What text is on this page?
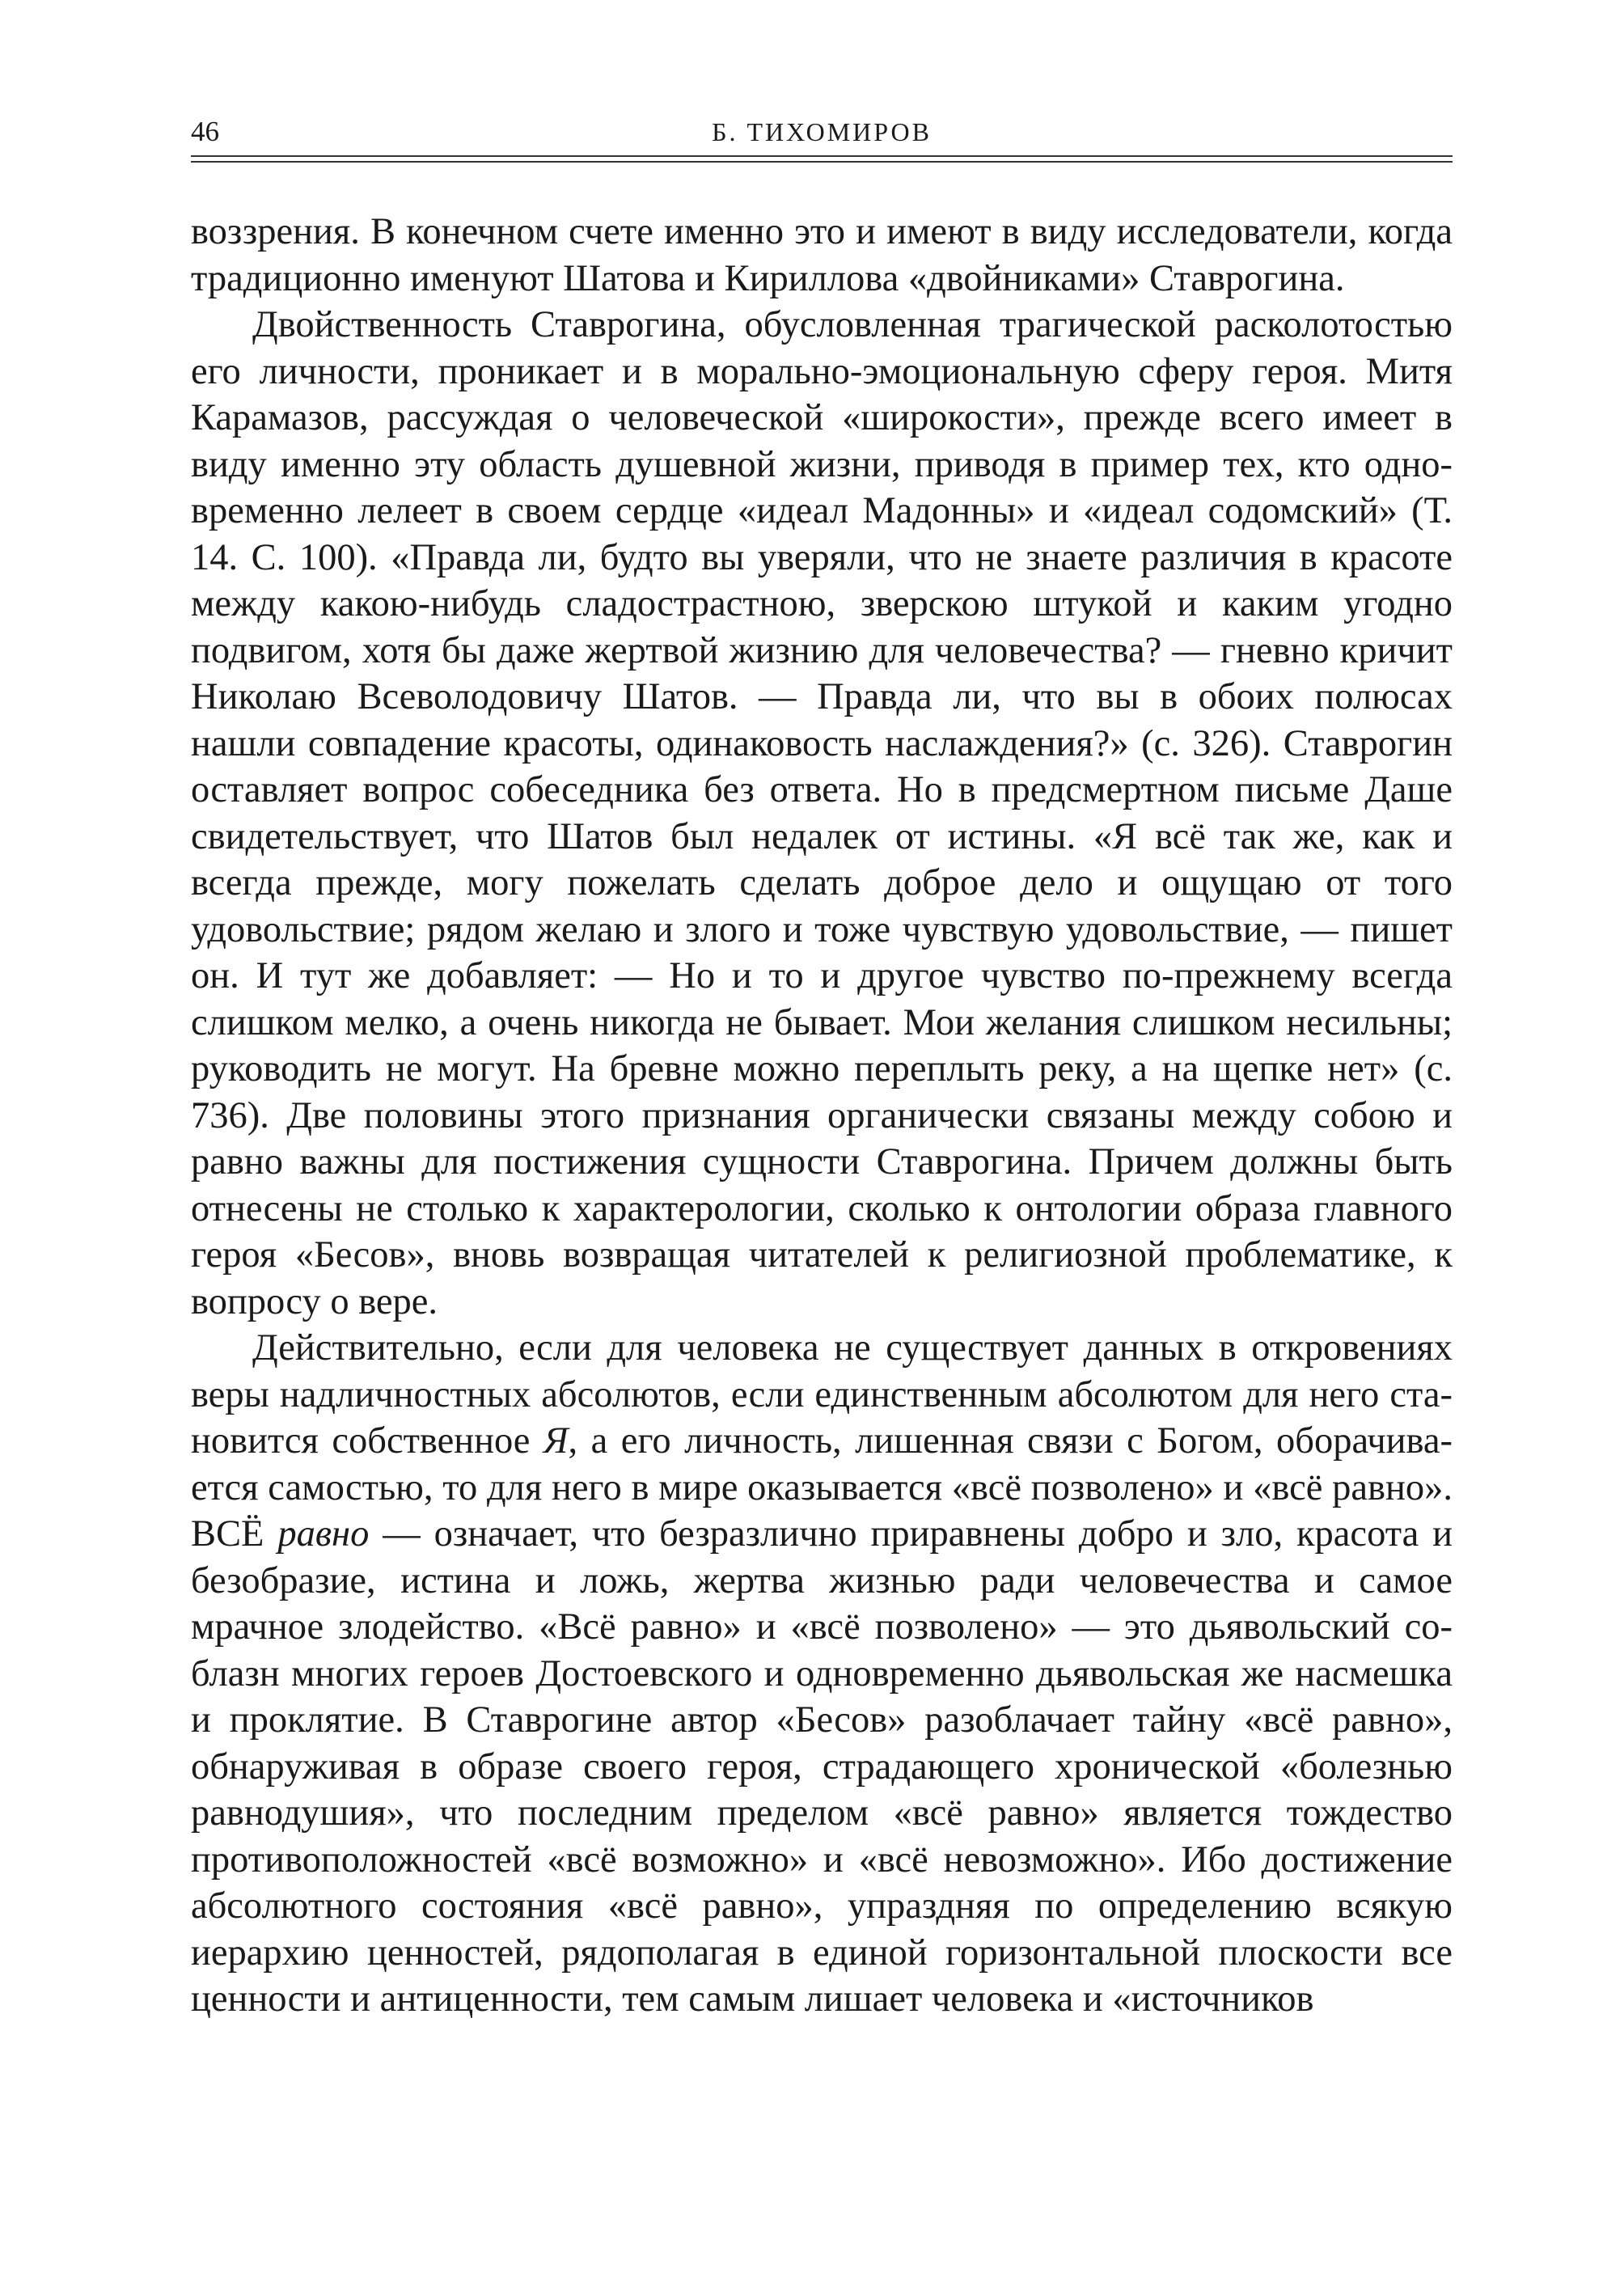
46	Б. ТИХОМИРОВ

воззрения. В конечном счете именно это и имеют в виду исследователи, когда традиционно именуют Шатова и Кириллова «двойниками» Ставрогина.

Двойственность Ставрогина, обусловленная трагической расколотостью его личности, проникает и в морально-эмоциональную сферу героя. Митя Карамазов, рассуждая о человеческой «широкости», прежде всего имеет в виду именно эту область душевной жизни, приводя в пример тех, кто одновременно лелеет в своем сердце «идеал Мадонны» и «идеал содомский» (Т. 14. С. 100). «Правда ли, будто вы уверяли, что не знаете различия в красоте между какою-нибудь сладострастною, зверскою штукой и каким угодно подвигом, хотя бы даже жертвой жизнию для человечества? — гневно кричит Николаю Всеволодовичу Шатов. — Правда ли, что вы в обоих полюсах нашли совпадение красоты, одинаковость наслаждения?» (с. 326). Ставрогин оставляет вопрос собеседника без ответа. Но в предсмертном письме Даше свидетельствует, что Шатов был недалек от истины. «Я всё так же, как и всегда прежде, могу пожелать сделать доброе дело и ощущаю от того удовольствие; рядом желаю и злого и тоже чувствую удовольствие, — пишет он. И тут же добавляет: — Но и то и другое чувство по-прежнему всегда слишком мелко, а очень никогда не бывает. Мои желания слишком несильны; руководить не могут. На бревне можно переплыть реку, а на щепке нет» (с. 736). Две половины этого признания органически связаны между собою и равно важны для постижения сущности Ставрогина. Причем должны быть отнесены не столько к характерологии, сколько к онтологии образа главного героя «Бесов», вновь возвращая читателей к религиозной проблематике, к вопросу о вере.

Действительно, если для человека не существует данных в откровениях веры надличностных абсолютов, если единственным абсолютом для него становится собственное Я, а его личность, лишенная связи с Богом, оборачивается самостью, то для него в мире оказывается «всё позволено» и «всё равно». ВСЁ равно — означает, что безразлично приравнены добро и зло, красота и безобразие, истина и ложь, жертва жизнью ради человечества и самое мрачное злодейство. «Всё равно» и «всё позволено» — это дьявольский соблазн многих героев Достоевского и одновременно дьявольская же насмешка и проклятие. В Ставрогине автор «Бесов» разоблачает тайну «всё равно», обнаруживая в образе своего героя, страдающего хронической «болезнью равнодушия», что последним пределом «всё равно» является тождество противоположностей «всё возможно» и «всё невозможно». Ибо достижение абсолютного состояния «всё равно», упраздняя по определению всякую иерархию ценностей, рядополагая в единой горизонтальной плоскости все ценности и антиценности, тем самым лишает человека и «источников
